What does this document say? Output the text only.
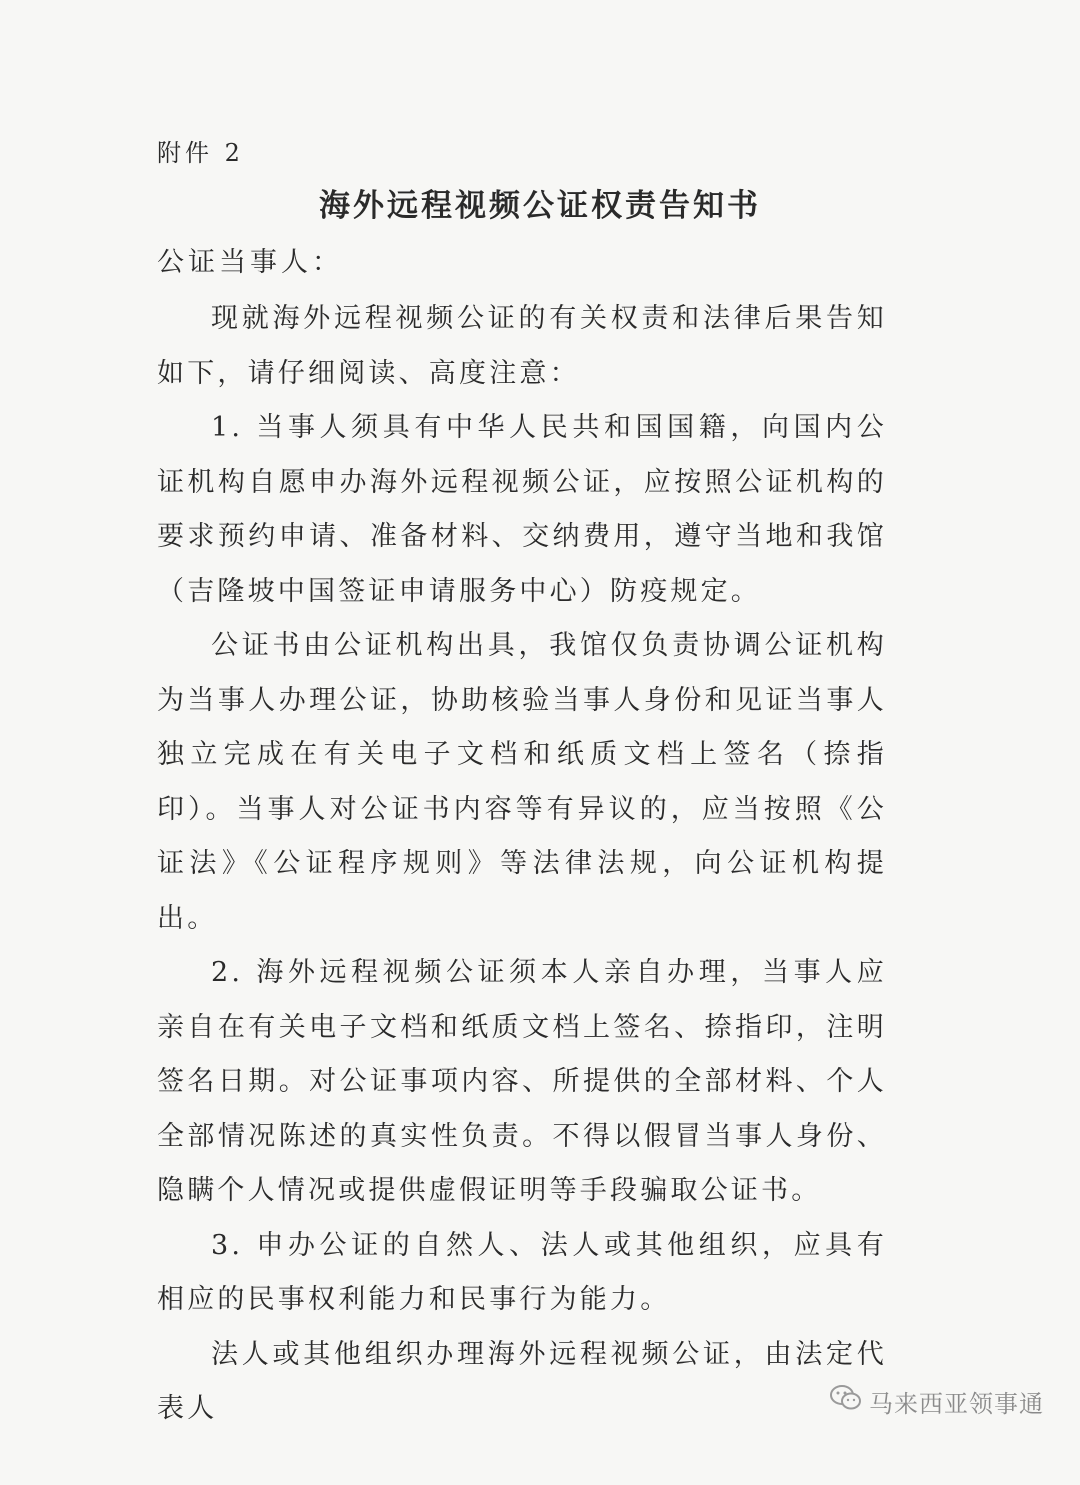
附件 2
海外远程视频公证权责告知书
公证当事人：

现就海外远程视频公证的有关权责和法律后果告知如下，请仔细阅读、高度注意：

1. 当事人须具有中华人民共和国国籍，向国内公证机构自愿申办海外远程视频公证，应按照公证机构的要求预约申请、准备材料、交纳费用，遵守当地和我馆（吉隆坡中国签证申请服务中心）防疫规定。

公证书由公证机构出具，我馆仅负责协调公证机构为当事人办理公证，协助核验当事人身份和见证当事人独立完成在有关电子文档和纸质文档上签名（捺指印）。当事人对公证书内容等有异议的，应当按照《公证法》《公证程序规则》等法律法规，向公证机构提出。

2. 海外远程视频公证须本人亲自办理，当事人应亲自在有关电子文档和纸质文档上签名、捺指印，注明签名日期。对公证事项内容、所提供的全部材料、个人全部情况陈述的真实性负责。不得以假冒当事人身份、隐瞒个人情况或提供虚假证明等手段骗取公证书。

3. 申办公证的自然人、法人或其他组织，应具有相应的民事权利能力和民事行为能力。

法人或其他组织办理海外远程视频公证，由法定代表人	马来西亚领事通
